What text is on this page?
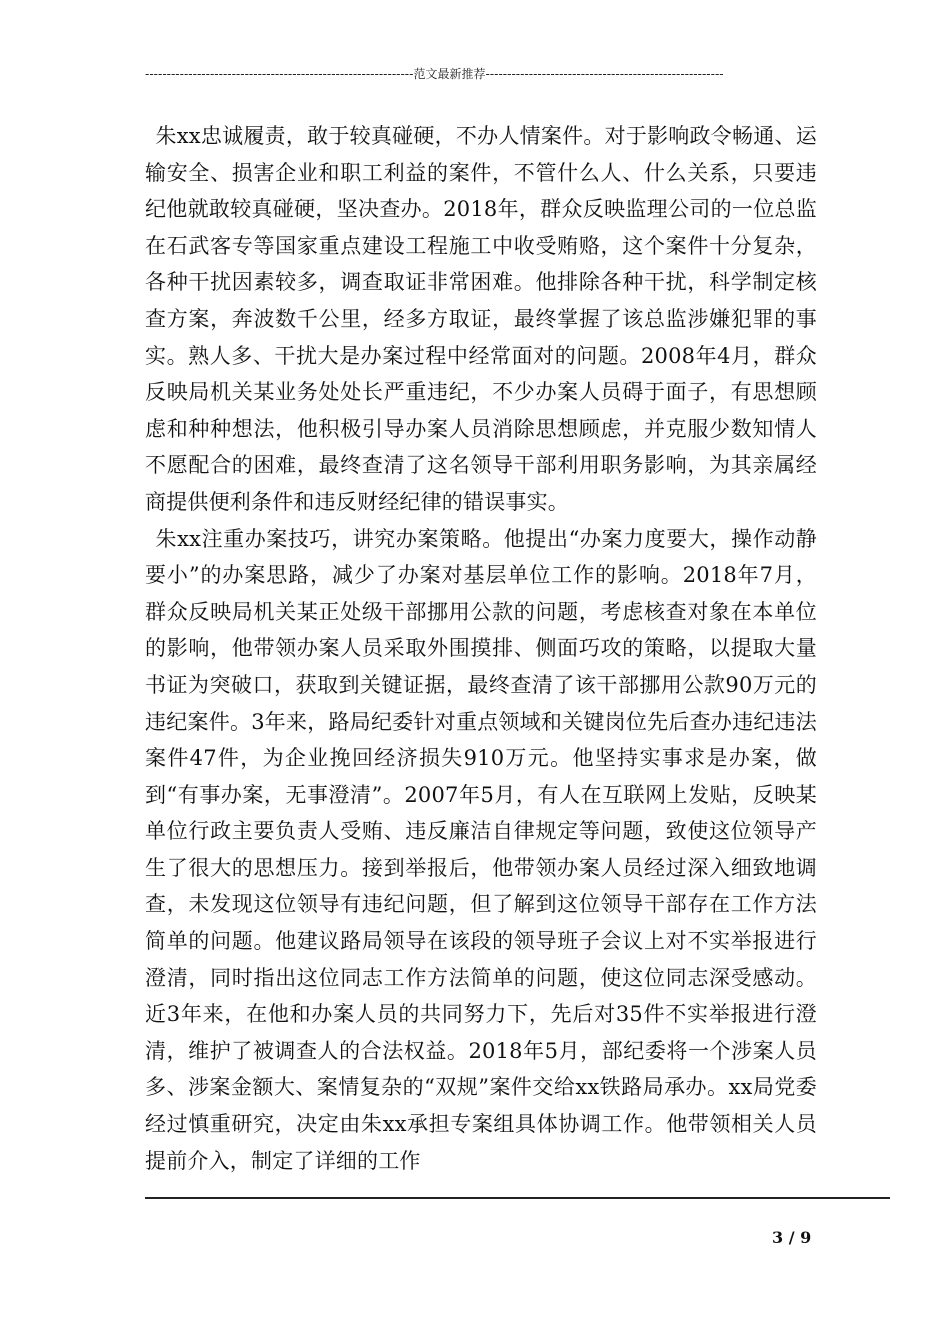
--------------------------------------------------------------范文最新推荐-------------------------------------------------------

朱xx忠诚履责，敢于较真碰硬，不办人情案件。对于影响政令畅通、运输安全、损害企业和职工利益的案件，不管什么人、什么关系，只要违纪他就敢较真碰硬，坚决查办。2018年，群众反映监理公司的一位总监在石武客专等国家重点建设工程施工中收受贿赂，这个案件十分复杂，各种干扰因素较多，调查取证非常困难。他排除各种干扰，科学制定核查方案，奔波数千公里，经多方取证，最终掌握了该总监涉嫌犯罪的事实。熟人多、干扰大是办案过程中经常面对的问题。2008年4月，群众反映局机关某业务处处长严重违纪，不少办案人员碍于面子，有思想顾虑和种种想法，他积极引导办案人员消除思想顾虑，并克服少数知情人不愿配合的困难，最终查清了这名领导干部利用职务影响，为其亲属经商提供便利条件和违反财经纪律的错误事实。

朱xx注重办案技巧，讲究办案策略。他提出“办案力度要大，操作动静要小”的办案思路，减少了办案对基层单位工作的影响。2018年7月，群众反映局机关某正处级干部挪用公款的问题，考虑核查对象在本单位的影响，他带领办案人员采取外围摸排、侧面巧攻的策略，以提取大量书证为突破口，获取到关键证据，最终查清了该干部挪用公款90万元的违纪案件。3年来，路局纪委针对重点领域和关键岗位先后查办违纪违法案件47件，为企业挽回经济损失910万元。他坚持实事求是办案，做到“有事办案，无事澄清”。2007年5月，有人在互联网上发贴，反映某单位行政主要负责人受贿、违反廉洁自律规定等问题，致使这位领导产生了很大的思想压力。接到举报后，他带领办案人员经过深入细致地调查，未发现这位领导有违纪问题，但了解到这位领导干部存在工作方法简单的问题。他建议路局领导在该段的领导班子会议上对不实举报进行澄清，同时指出这位同志工作方法简单的问题，使这位同志深受感动。近3年来，在他和办案人员的共同努力下，先后对35件不实举报进行澄清，维护了被调查人的合法权益。2018年5月，部纪委将一个涉案人员多、涉案金额大、案情复杂的“双规”案件交给xx铁路局承办。xx局党委经过慎重研究，决定由朱xx承担专案组具体协调工作。他带领相关人员提前介入，制定了详细的工作

3 / 9
